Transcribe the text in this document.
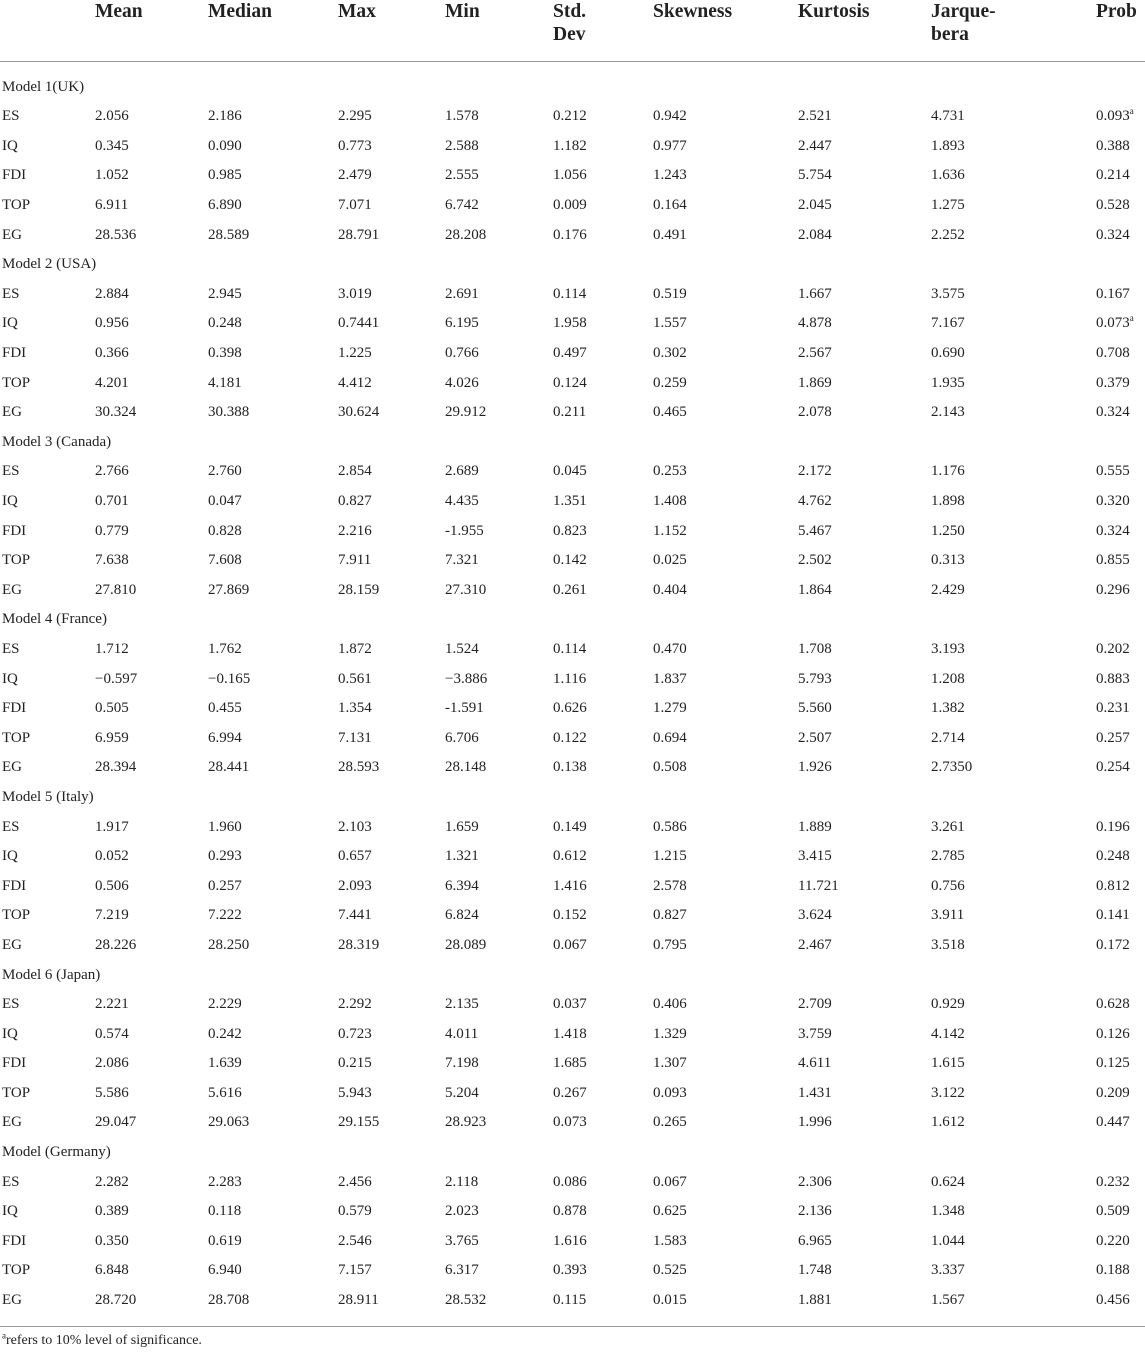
	Mean	Median	Max	Min	Std.
Dev	Skewness	Kurtosis	Jarque-
bera	Prob
Model 1(UK)									
ES	2.056	2.186	2.295	1.578	0.212	0.942	2.521	4.731	0.093$^a$
IQ	0.345	0.090	0.773	2.588	1.182	0.977	2.447	1.893	0.388
FDI	1.052	0.985	2.479	2.555	1.056	1.243	5.754	1.636	0.214
TOP	6.911	6.890	7.071	6.742	0.009	0.164	2.045	1.275	0.528
EG	28.536	28.589	28.791	28.208	0.176	0.491	2.084	2.252	0.324
Model 2 (USA)									
ES	2.884	2.945	3.019	2.691	0.114	0.519	1.667	3.575	0.167
IQ	0.956	0.248	0.7441	6.195	1.958	1.557	4.878	7.167	0.073$^a$
FDI	0.366	0.398	1.225	0.766	0.497	0.302	2.567	0.690	0.708
TOP	4.201	4.181	4.412	4.026	0.124	0.259	1.869	1.935	0.379
EG	30.324	30.388	30.624	29.912	0.211	0.465	2.078	2.143	0.324
Model 3 (Canada)									
ES	2.766	2.760	2.854	2.689	0.045	0.253	2.172	1.176	0.555
IQ	0.701	0.047	0.827	4.435	1.351	1.408	4.762	1.898	0.320
FDI	0.779	0.828	2.216	-1.955	0.823	1.152	5.467	1.250	0.324
TOP	7.638	7.608	7.911	7.321	0.142	0.025	2.502	0.313	0.855
EG	27.810	27.869	28.159	27.310	0.261	0.404	1.864	2.429	0.296
Model 4 (France)									
ES	1.712	1.762	1.872	1.524	0.114	0.470	1.708	3.193	0.202
IQ	−0.597	−0.165	0.561	−3.886	1.116	1.837	5.793	1.208	0.883
FDI	0.505	0.455	1.354	-1.591	0.626	1.279	5.560	1.382	0.231
TOP	6.959	6.994	7.131	6.706	0.122	0.694	2.507	2.714	0.257
EG	28.394	28.441	28.593	28.148	0.138	0.508	1.926	2.7350	0.254
Model 5 (Italy)									
ES	1.917	1.960	2.103	1.659	0.149	0.586	1.889	3.261	0.196
IQ	0.052	0.293	0.657	1.321	0.612	1.215	3.415	2.785	0.248
FDI	0.506	0.257	2.093	6.394	1.416	2.578	11.721	0.756	0.812
TOP	7.219	7.222	7.441	6.824	0.152	0.827	3.624	3.911	0.141
EG	28.226	28.250	28.319	28.089	0.067	0.795	2.467	3.518	0.172
Model 6 (Japan)									
ES	2.221	2.229	2.292	2.135	0.037	0.406	2.709	0.929	0.628
IQ	0.574	0.242	0.723	4.011	1.418	1.329	3.759	4.142	0.126
FDI	2.086	1.639	0.215	7.198	1.685	1.307	4.611	1.615	0.125
TOP	5.586	5.616	5.943	5.204	0.267	0.093	1.431	3.122	0.209
EG	29.047	29.063	29.155	28.923	0.073	0.265	1.996	1.612	0.447
Model (Germany)									
ES	2.282	2.283	2.456	2.118	0.086	0.067	2.306	0.624	0.232
IQ	0.389	0.118	0.579	2.023	0.878	0.625	2.136	1.348	0.509
FDI	0.350	0.619	2.546	3.765	1.616	1.583	6.965	1.044	0.220
TOP	6.848	6.940	7.157	6.317	0.393	0.525	1.748	3.337	0.188
EG	28.720	28.708	28.911	28.532	0.115	0.015	1.881	1.567	0.456
$^a$refers to 10% level of significance.
